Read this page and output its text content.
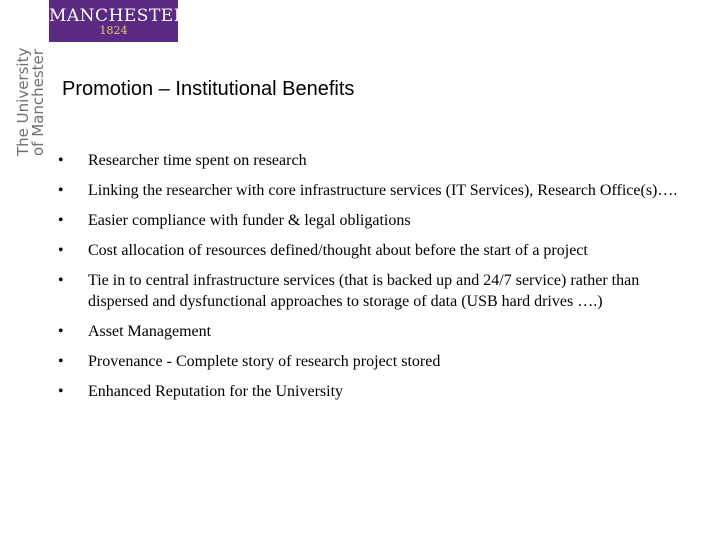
MANCHESTER
1824
The University
of Manchester Promotion – Institutional Benefits
• Researcher time spent on research
• Linking the researcher with core infrastructure services (IT Services), Research Office(s)….
• Easier compliance with funder & legal obligations
• Cost allocation of resources defined/thought about before the start of a project
• Tie in to central infrastructure services (that is backed up and 24/7 service) rather than dispersed and dysfunctional approaches to storage of data (USB hard drives ….)
• Asset Management
• Provenance - Complete story of research project stored
• Enhanced Reputation for the University
